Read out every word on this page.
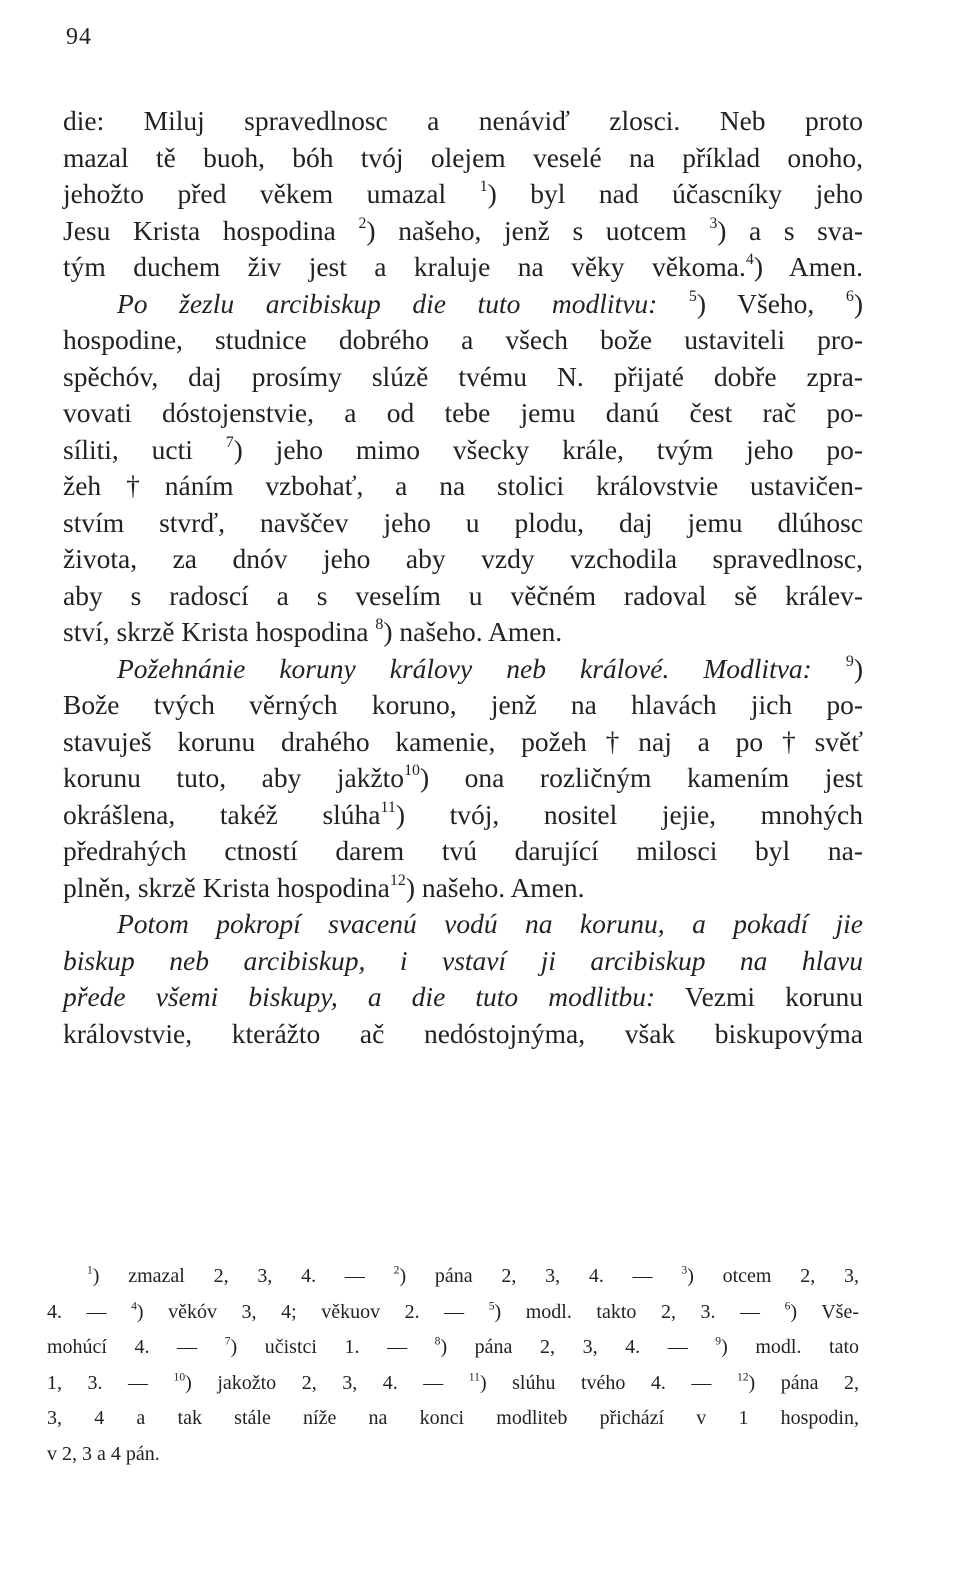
94
die: Miluj spravedlnosc a nenáviď zlosci. Neb proto
mazal tě buoh, bóh tvój olejem veselé na příklad onoho,
jehožto před věkem umazal $^1$) byl nad účascníky jeho
Jesu Krista hospodina $^2$) našeho, jenž s uotcem $^3$) a s sva-
tým duchem živ jest a kraluje na věky věkoma.$^4$) Amen.
Po žezlu arcibiskup die tuto modlitvu: $^5$) Všeho, $^6$)
hospodine, studnice dobrého a všech bože ustaviteli pro-
spěchóv, daj prosímy slúzě tvému N. přijaté dobře zpra-
vovati dóstojenstvie, a od tebe jemu danú čest rač po-
síliti, ucti $^7$) jeho mimo všecky krále, tvým jeho po-
žeh†náním vzbohať, a na stolici královstvie ustavičen-
stvím stvrď, navščev jeho u plodu, daj jemu dlúhosc
života, za dnóv jeho aby vzdy vzchodila spravedlnosc,
aby s radoscí a s veselím u věčném radoval sě králev-
ství, skrzě Krista hospodina $^8$) našeho. Amen.
Požehnánie koruny královy neb králové. Modlitva: $^9$)
Bože tvých věrných koruno, jenž na hlavách jich po-
stavuješ korunu drahého kamenie, požeh†naj a po†svěť
korunu tuto, aby jakžto$^{10}$) ona rozličným kamením jest
okrášlena, takéž slúha$^{11}$) tvój, nositel jejie, mnohých
předrahých ctností darem tvú darující milosci byl na-
plněn, skrzě Krista hospodina$^{12}$) našeho. Amen.
Potom pokropí svacenú vodú na korunu, a pokadí jie
biskup neb arcibiskup, i vstaví ji arcibiskup na hlavu
přede všemi biskupy, a die tuto modlitbu: Vezmi korunu
královstvie, kterážto ač nedóstojnýma, však biskupovýma
$^1$) zmazal 2, 3, 4. — $^2$) pána 2, 3, 4. — $^3$) otcem 2, 3,
4. — $^4$) věkóv 3, 4; věkuov 2. — $^5$) modl. takto 2, 3. — $^6$) Vše-
mohúcí 4. — $^7$) učistci 1. — $^8$) pána 2, 3, 4. — $^9$) modl. tato
1, 3. — $^{10}$) jakožto 2, 3, 4. — $^{11}$) slúhu tvého 4. — $^{12}$) pána 2,
3, 4 a tak stále níže na konci modliteb přichází v 1 hospodin,
v 2, 3 a 4 pán.
